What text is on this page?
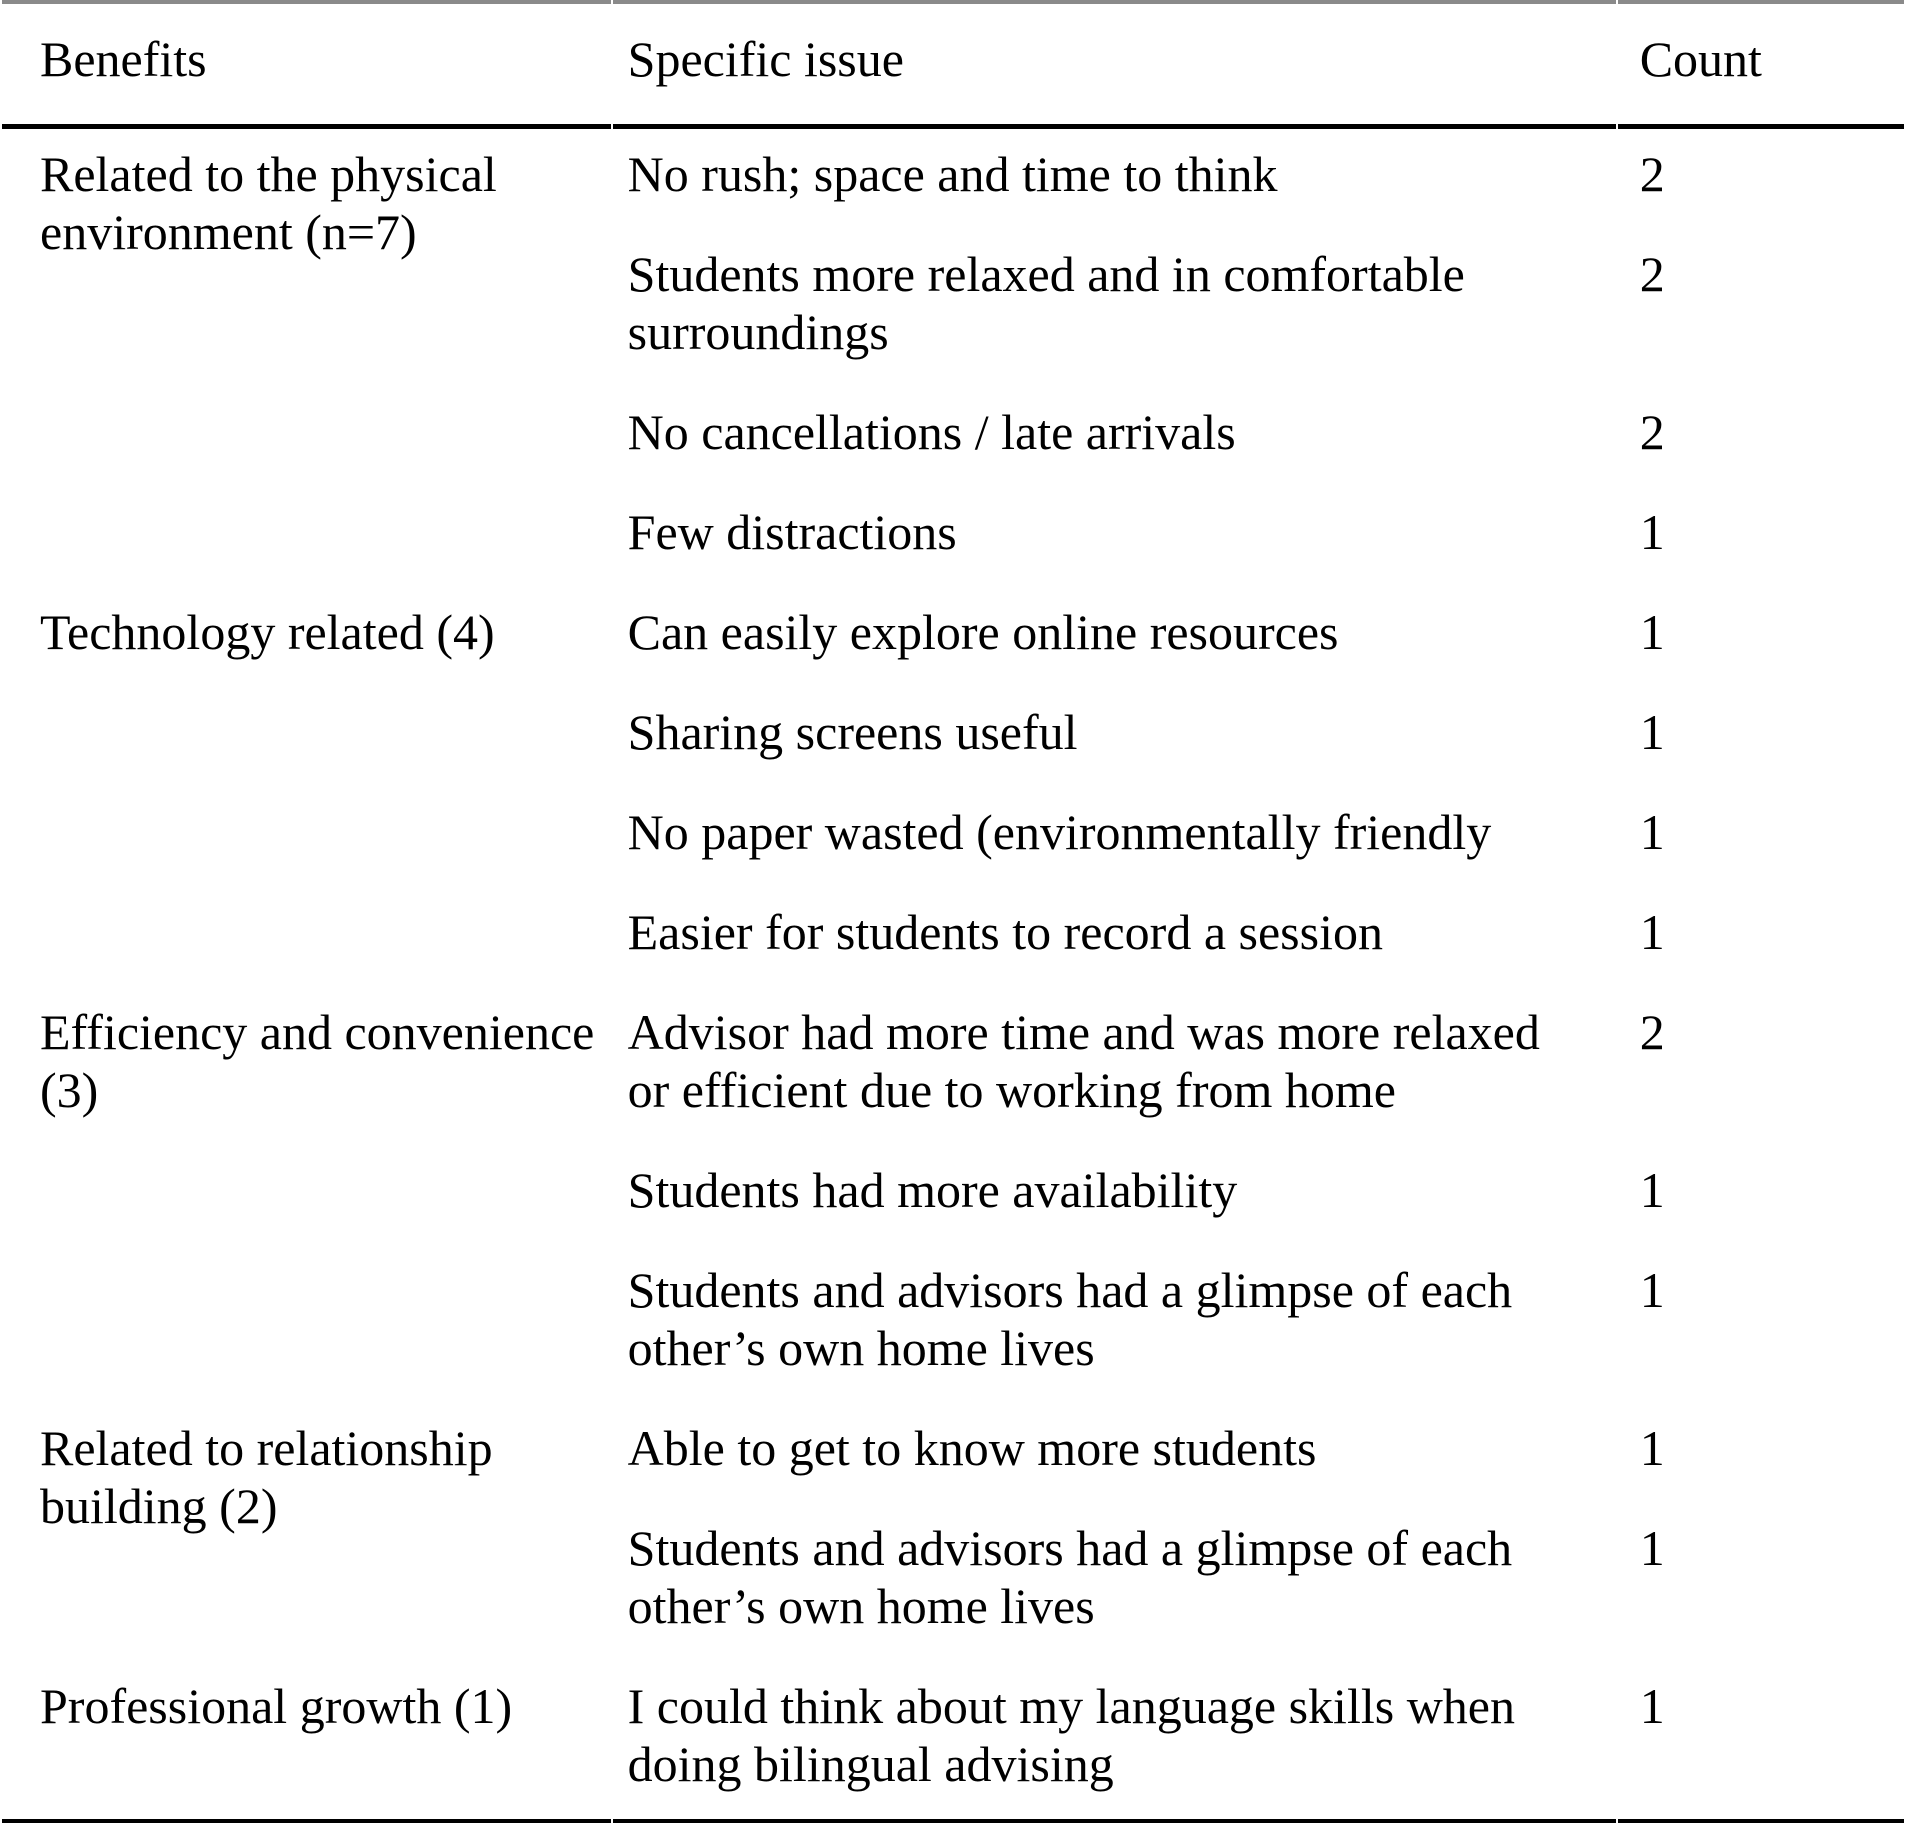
Benefits	Specific issue	Count
Related to the physical environment (n=7)	No rush; space and time to think	2
	Students more relaxed and in comfortable surroundings	2
	No cancellations / late arrivals	2
	Few distractions	1
Technology related (4)	Can easily explore online resources	1
	Sharing screens useful	1
	No paper wasted (environmentally friendly	1
	Easier for students to record a session	1
Efficiency and convenience (3)	Advisor had more time and was more relaxed or efficient due to working from home	2
	Students had more availability	1
	Students and advisors had a glimpse of each other’s own home lives	1
Related to relationship building (2)	Able to get to know more students	1
	Students and advisors had a glimpse of each other’s own home lives	1
Professional growth (1)	I could think about my language skills when doing bilingual advising	1
